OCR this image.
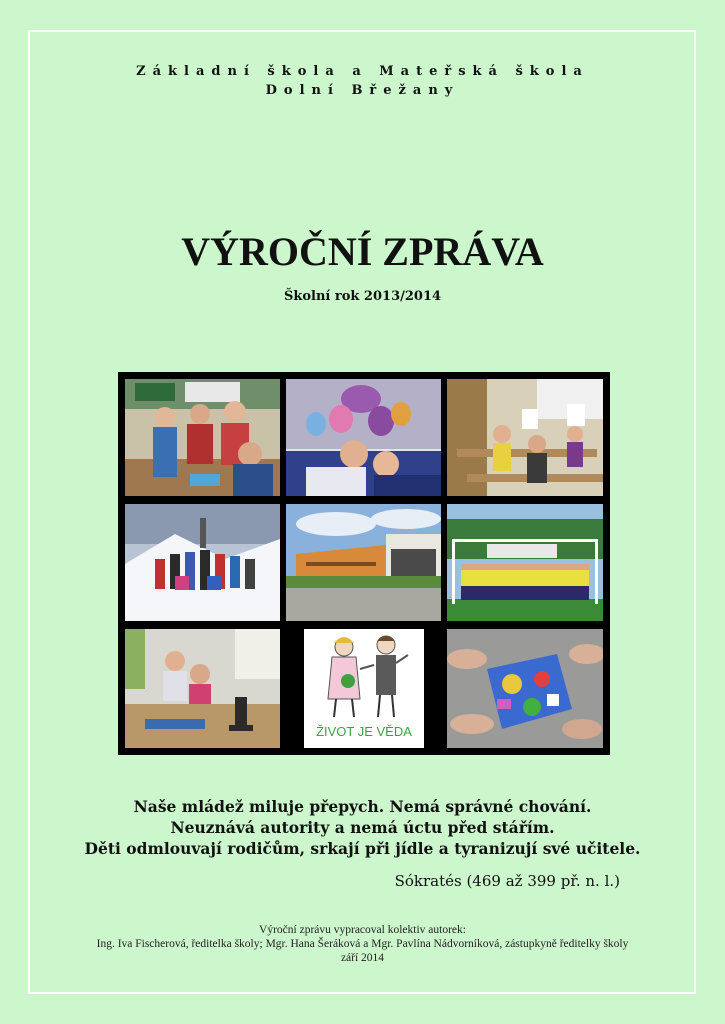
Základní škola a Mateřská škola
Dolní Břežany
VÝROČNÍ ZPRÁVA
Školní rok 2013/2014
ŽIVOT JE VĚDA
Naše mládež miluje přepych. Nemá správné chování.
Neuznává autority a nemá úctu před stářím.
Děti odmlouvají rodičům, srkají při jídle a tyranizují své učitele.
Sókratés (469 až 399 př. n. l.)
Výroční zprávu vypracoval kolektiv autorek:
Ing. Iva Fischerová, ředitelka školy; Mgr. Hana Šeráková a Mgr. Pavlína Nádvorníková, zástupkyně ředitelky školy
září 2014
